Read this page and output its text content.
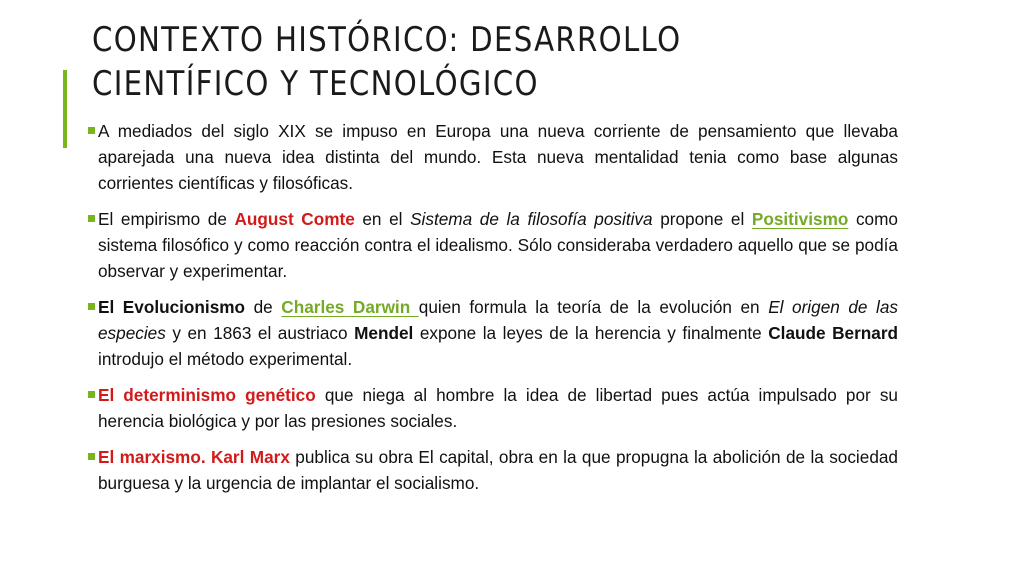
CONTEXTO HISTÓRICO: DESARROLLO CIENTÍFICO Y TECNOLÓGICO
A mediados del siglo XIX se impuso en Europa una nueva corriente de pensamiento que llevaba aparejada una nueva idea distinta del mundo. Esta nueva mentalidad tenia como base algunas corrientes científicas y filosóficas.
El empirismo de August Comte en el Sistema de la filosofía positiva propone el Positivismo como sistema filosófico y como reacción contra el idealismo. Sólo consideraba verdadero aquello que se podía observar y experimentar.
El Evolucionismo de Charles Darwin quien formula la teoría de la evolución en El origen de las especies y en 1863 el austriaco Mendel expone la leyes de la herencia y finalmente Claude Bernard introdujo el método experimental.
El determinismo genético que niega al hombre la idea de libertad pues actúa impulsado por su herencia biológica y por las presiones sociales.
El marxismo. Karl Marx publica su obra El capital, obra en la que propugna la abolición de la sociedad burguesa y la urgencia de implantar el socialismo.
